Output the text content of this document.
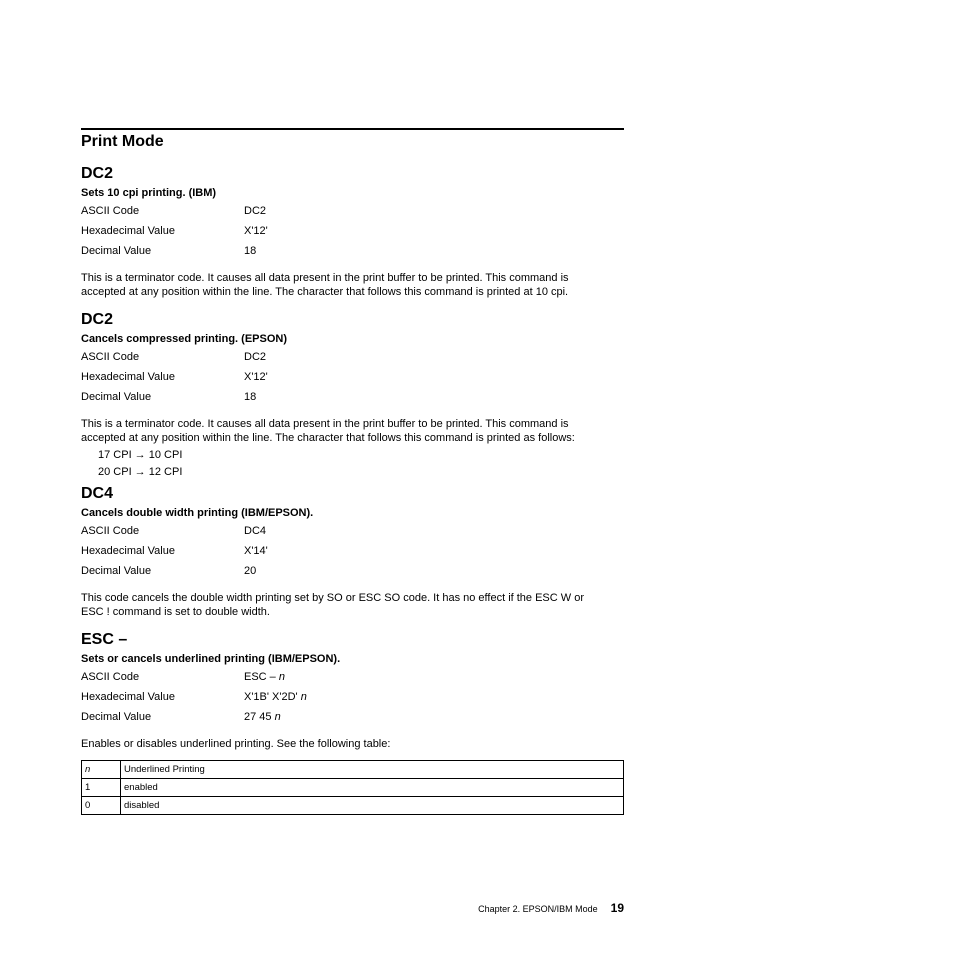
Print Mode
DC2
Sets 10 cpi printing. (IBM)
ASCII Code	DC2
Hexadecimal Value	X'12'
Decimal Value	18

This is a terminator code. It causes all data present in the print buffer to be printed. This command is
accepted at any position within the line. The character that follows this command is printed at 10 cpi.

DC2
Cancels compressed printing. (EPSON)
ASCII Code	DC2
Hexadecimal Value	X'12'
Decimal Value	18

This is a terminator code. It causes all data present in the print buffer to be printed. This command is
accepted at any position within the line. The character that follows this command is printed as follows:

17 CPI → 10 CPI
20 CPI → 12 CPI
DC4
Cancels double width printing (IBM/EPSON).
ASCII Code	DC4
Hexadecimal Value	X'14'
Decimal Value	20

This code cancels the double width printing set by SO or ESC SO code. It has no effect if the ESC W or
ESC ! command is set to double width.

ESC –
Sets or cancels underlined printing (IBM/EPSON).
ASCII Code	ESC – n
Hexadecimal Value	X'1B' X'2D' n
Decimal Value	27 45 n

Enables or disables underlined printing. See the following table:

n	Underlined Printing
1	enabled
0	disabled
Chapter 2. EPSON/IBM Mode 19
